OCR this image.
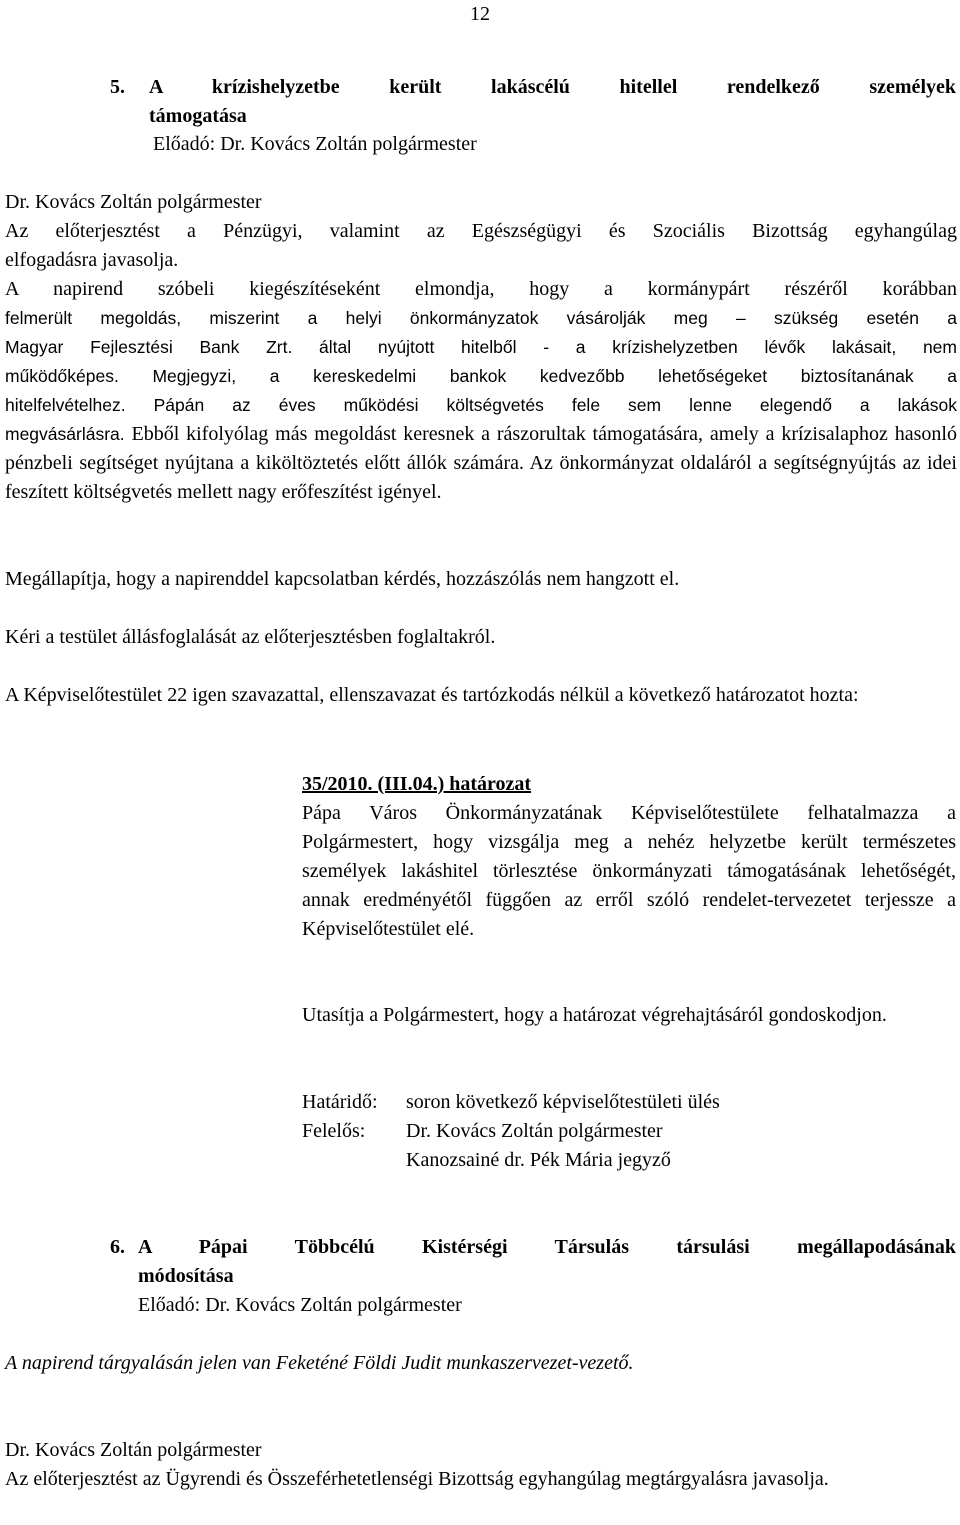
12
5. A krízishelyzetbe került lakáscélú hitellel rendelkező személyek
támogatása
Előadó: Dr. Kovács Zoltán polgármester
Dr. Kovács Zoltán polgármester
Az előterjesztést a Pénzügyi, valamint az Egészségügyi és Szociális Bizottság egyhangúlag
elfogadásra javasolja.
A napirend szóbeli kiegészítéseként elmondja, hogy a kormánypárt részéről korábban
felmerült megoldás, miszerint a helyi önkormányzatok vásárolják meg – szükség esetén a
Magyar Fejlesztési Bank Zrt. által nyújtott hitelből - a krízishelyzetben lévők lakásait, nem
működőképes. Megjegyzi, a kereskedelmi bankok kedvezőbb lehetőségeket biztosítanának a
hitelfelvételhez. Pápán az éves működési költségvetés fele sem lenne elegendő a lakások
megvásárlásra. Ebből kifolyólag más megoldást keresnek a rászorultak támogatására, amely a krízisalaphoz hasonló pénzbeli segítséget nyújtana a kiköltöztetés előtt állók számára. Az önkormányzat oldaláról a segítségnyújtás az idei feszített költségvetés mellett nagy erőfeszítést igényel.
Megállapítja, hogy a napirenddel kapcsolatban kérdés, hozzászólás nem hangzott el.
Kéri a testület állásfoglalását az előterjesztésben foglaltakról.
A Képviselőtestület 22 igen szavazattal, ellenszavazat és tartózkodás nélkül a következő határozatot hozta:
35/2010. (III.04.) határozat
Pápa Város Önkormányzatának Képviselőtestülete felhatalmazza a Polgármestert, hogy vizsgálja meg a nehéz helyzetbe került természetes személyek lakáshitel törlesztése önkormányzati támogatásának lehetőségét, annak eredményétől függően az erről szóló rendelet-tervezetet terjessze a Képviselőtestület elé.
Utasítja a Polgármestert, hogy a határozat végrehajtásáról gondoskodjon.
Határidő: soron következő képviselőtestületi ülés
Felelős: Dr. Kovács Zoltán polgármester
Kanozsainé dr. Pék Mária jegyző
6. A Pápai Többcélú Kistérségi Társulás társulási megállapodásának
módosítása
Előadó: Dr. Kovács Zoltán polgármester
A napirend tárgyalásán jelen van Feketéné Földi Judit munkaszervezet-vezető.
Dr. Kovács Zoltán polgármester
Az előterjesztést az Ügyrendi és Összeférhetetlenségi Bizottság egyhangúlag megtárgyalásra javasolja.
